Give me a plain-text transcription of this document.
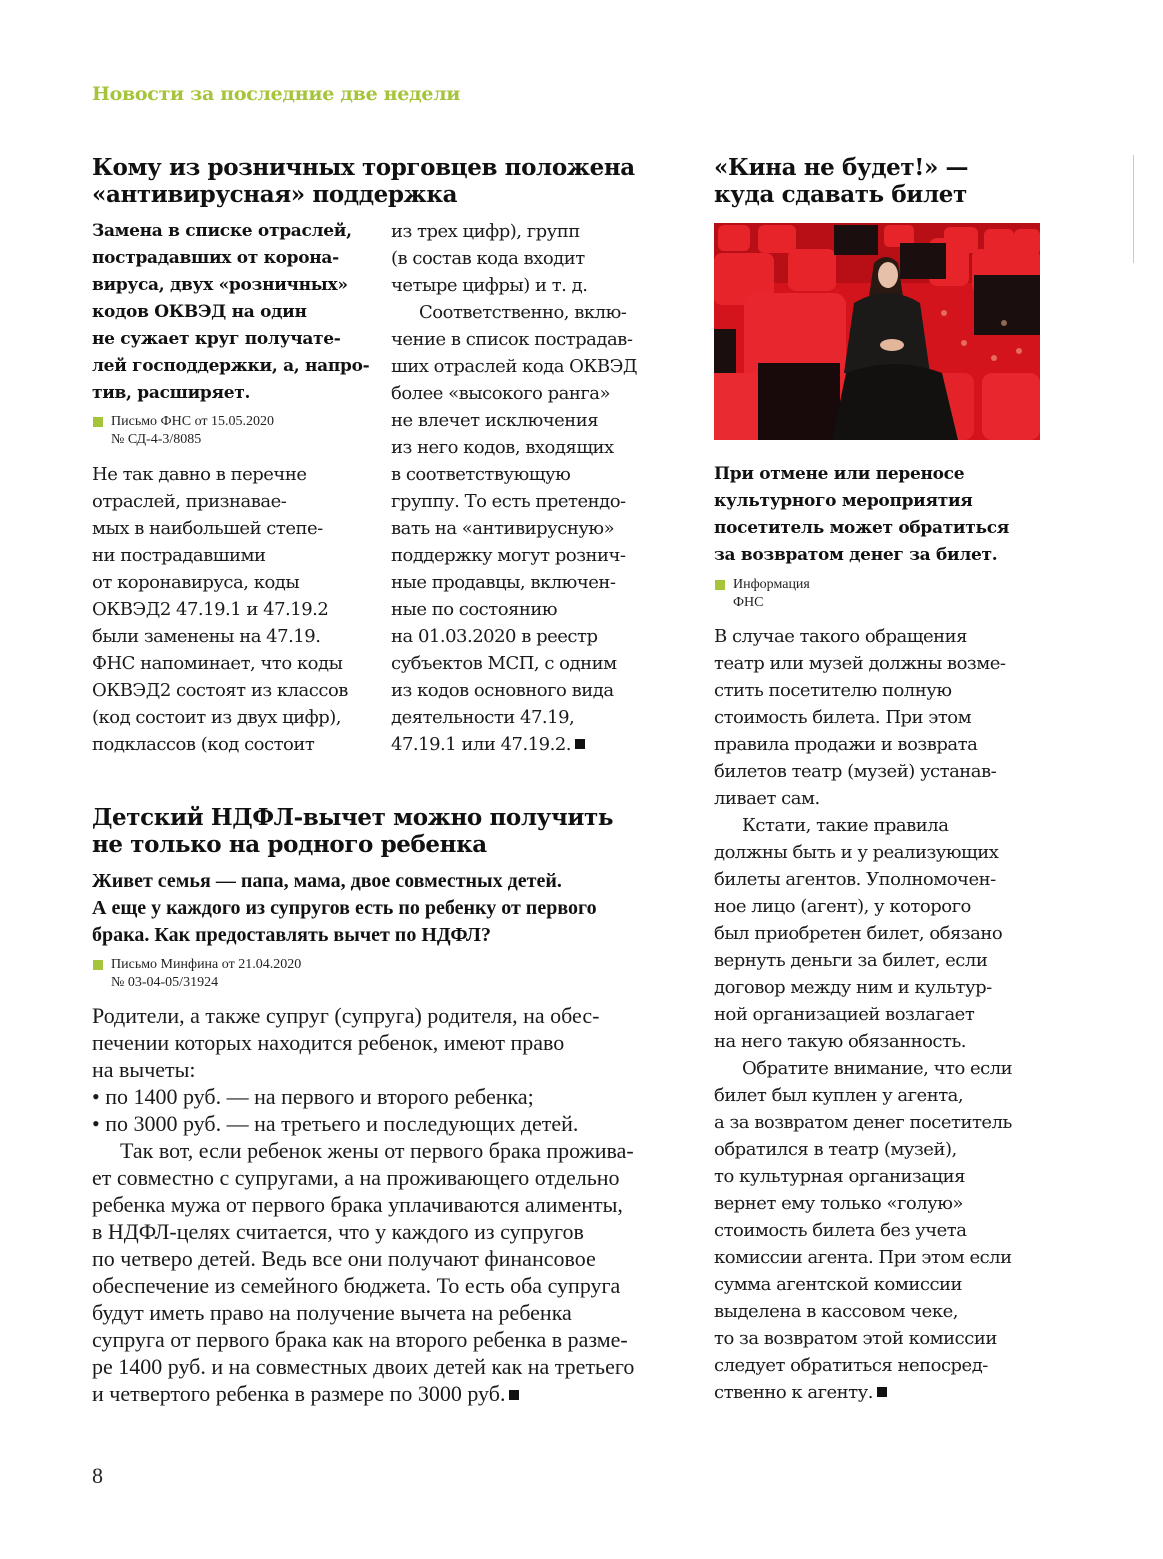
Новости за последние две недели
Кому из розничных торговцев положена
«антивирусная» поддержка
Замена в списке отраслей,
пострадавших от корона-
вируса, двух «розничных»
кодов ОКВЭД на один
не сужает круг получате-
лей господдержки, а, напро-
тив, расширяет.
Письмо ФНС от 15.05.2020
№ СД-4-3/8085
Не так давно в перечне
отраслей, признавае-
мых в наибольшей степе-
ни пострадавшими
от коронавируса, коды
ОКВЭД2 47.19.1 и 47.19.2
были заменены на 47.19.
ФНС напоминает, что коды
ОКВЭД2 состоят из классов
(код состоит из двух цифр),
подклассов (код состоит
из трех цифр), групп
(в состав кода входит
четыре цифры) и т. д.
Соответственно, вклю-
чение в список пострадав-
ших отраслей кода ОКВЭД
более «высокого ранга»
не влечет исключения
из него кодов, входящих
в соответствующую
группу. То есть претендо-
вать на «антивирусную»
поддержку могут рознич-
ные продавцы, включен-
ные по состоянию
на 01.03.2020 в реестр
субъектов МСП, с одним
из кодов основного вида
деятельности 47.19,
47.19.1 или 47.19.2.
Детский НДФЛ-вычет можно получить
не только на родного ребенка
Живет семья — папа, мама, двое совместных детей.
А еще у каждого из супругов есть по ребенку от первого
брака. Как предоставлять вычет по НДФЛ?
Письмо Минфина от 21.04.2020
№ 03-04-05/31924
Родители, а также супруг (супруга) родителя, на обес-
печении которых находится ребенок, имеют право
на вычеты:
• по 1400 руб. — на первого и второго ребенка;
• по 3000 руб. — на третьего и последующих детей.
Так вот, если ребенок жены от первого брака прожива-
ет совместно с супругами, а на проживающего отдельно
ребенка мужа от первого брака уплачиваются алименты,
в НДФЛ-целях считается, что у каждого из супругов
по четверо детей. Ведь все они получают финансовое
обеспечение из семейного бюджета. То есть оба супруга
будут иметь право на получение вычета на ребенка
супруга от первого брака как на второго ребенка в разме-
ре 1400 руб. и на совместных двоих детей как на третьего
и четвертого ребенка в размере по 3000 руб.
«Кина не будет!» —
куда сдавать билет
При отмене или переносе
культурного мероприятия
посетитель может обратиться
за возвратом денег за билет.
Информация
ФНС
В случае такого обращения
театр или музей должны возме-
стить посетителю полную
стоимость билета. При этом
правила продажи и возврата
билетов театр (музей) устанав-
ливает сам.
Кстати, такие правила
должны быть и у реализующих
билеты агентов. Уполномочен-
ное лицо (агент), у которого
был приобретен билет, обязано
вернуть деньги за билет, если
договор между ним и культур-
ной организацией возлагает
на него такую обязанность.
Обратите внимание, что если
билет был куплен у агента,
а за возвратом денег посетитель
обратился в театр (музей),
то культурная организация
вернет ему только «голую»
стоимость билета без учета
комиссии агента. При этом если
сумма агентской комиссии
выделена в кассовом чеке,
то за возвратом этой комиссии
следует обратиться непосред-
ственно к агенту.
8
